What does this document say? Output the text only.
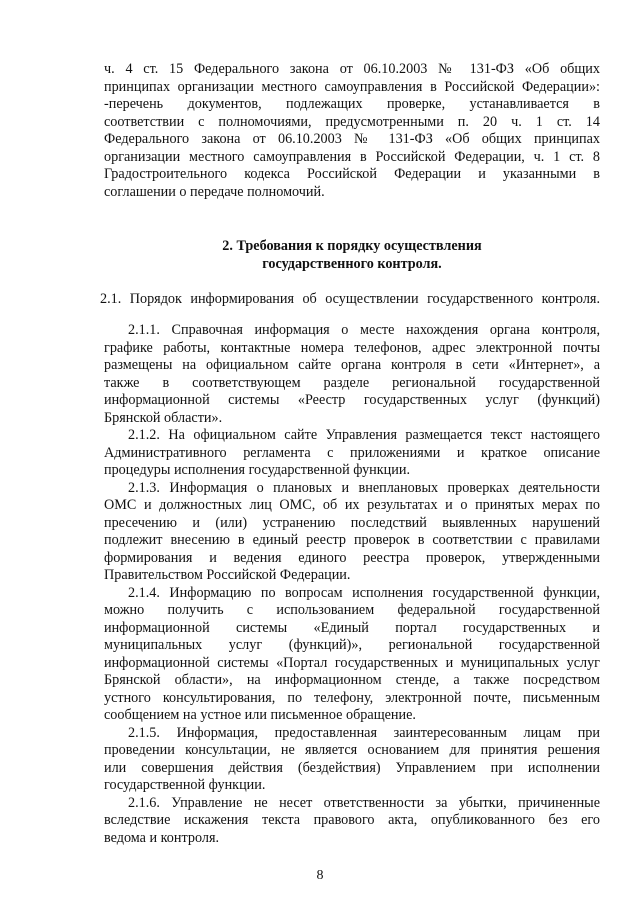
ч. 4 ст. 15 Федерального закона от 06.10.2003 № 131-ФЗ «Об общих
принципах организации местного самоуправления в Российской Федерации»:
-перечень документов, подлежащих проверке, устанавливается в
соответствии с полномочиями, предусмотренными п. 20 ч. 1 ст. 14
Федерального закона от 06.10.2003 № 131-ФЗ «Об общих принципах
организации местного самоуправления в Российской Федерации, ч. 1 ст. 8
Градостроительного кодекса Российской Федерации и указанными в
соглашении о передаче полномочий.
2. Требования к порядку осуществления
государственного контроля.
2.1. Порядок информирования об осуществлении государственного контроля.

2.1.1. Справочная информация о месте нахождения органа контроля,
графике работы, контактные номера телефонов, адрес электронной почты
размещены на официальном сайте органа контроля в сети «Интернет», а
также в соответствующем разделе региональной государственной
информационной системы «Реестр государственных услуг (функций)
Брянской области».

2.1.2. На официальном сайте Управления размещается текст настоящего
Административного регламента с приложениями и краткое описание
процедуры исполнения государственной функции.

2.1.3. Информация о плановых и внеплановых проверках деятельности
ОМС и должностных лиц ОМС, об их результатах и о принятых мерах по
пресечению и (или) устранению последствий выявленных нарушений
подлежит внесению в единый реестр проверок в соответствии с правилами
формирования и ведения единого реестра проверок, утвержденными
Правительством Российской Федерации.

2.1.4. Информацию по вопросам исполнения государственной функции,
можно получить с использованием федеральной государственной
информационной системы «Единый портал государственных и
муниципальных услуг (функций)», региональной государственной
информационной системы «Портал государственных и муниципальных услуг
Брянской области», на информационном стенде, а также посредством
устного консультирования, по телефону, электронной почте, письменным
сообщением на устное или письменное обращение.

2.1.5. Информация, предоставленная заинтересованным лицам при
проведении консультации, не является основанием для принятия решения
или совершения действия (бездействия) Управлением при исполнении
государственной функции.

2.1.6. Управление не несет ответственности за убытки, причиненные
вследствие искажения текста правового акта, опубликованного без его
ведома и контроля.

8
